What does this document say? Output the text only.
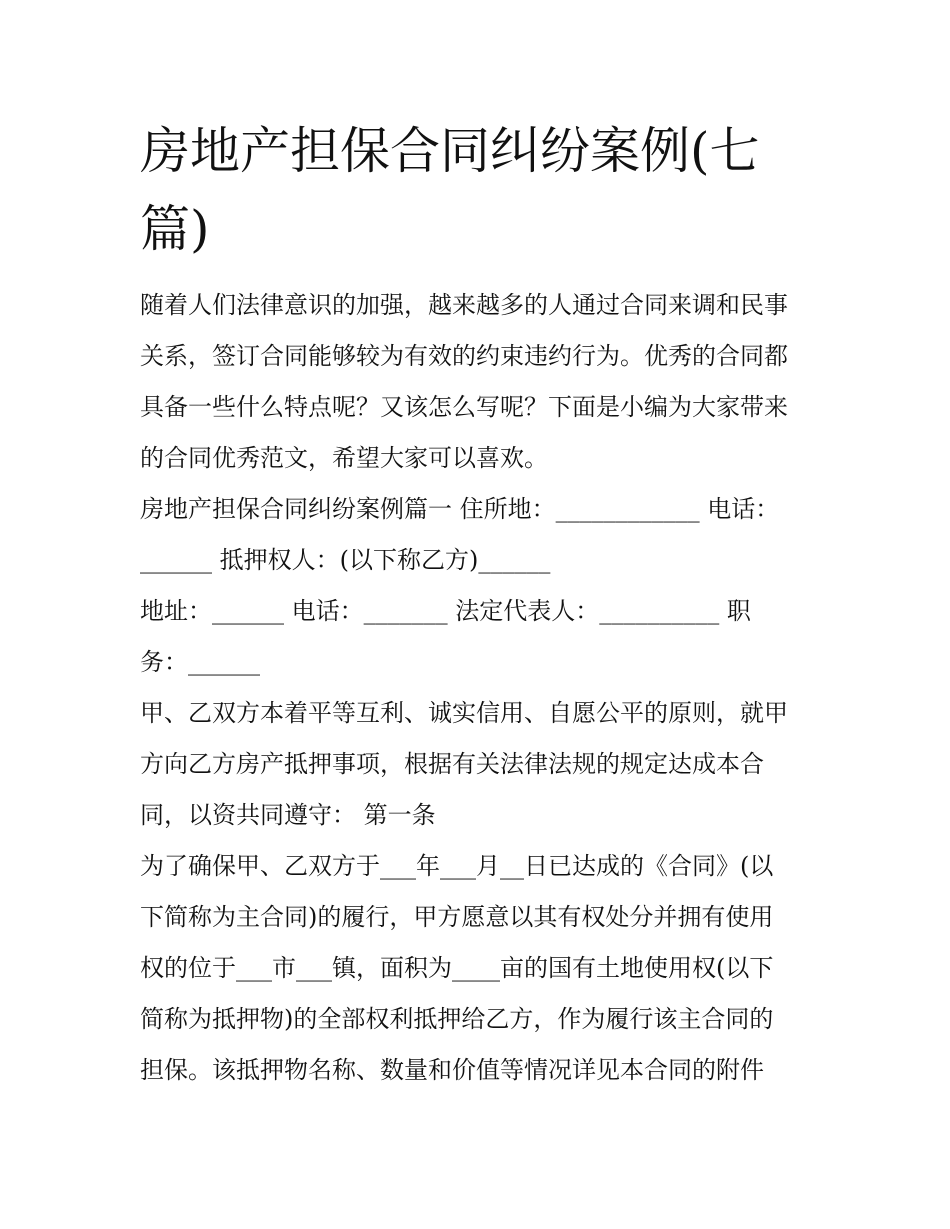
房地产担保合同纠纷案例(七篇)

随着人们法律意识的加强，越来越多的人通过合同来调和民事

关系，签订合同能够较为有效的约束违约行为。优秀的合同都

具备一些什么特点呢？又该怎么写呢？下面是小编为大家带来

的合同优秀范文，希望大家可以喜欢。

房地产担保合同纠纷案例篇一 住所地：____________ 电话：

______ 抵押权人：(以下称乙方)______

地址：______ 电话：_______ 法定代表人：__________ 职

务：______

甲、乙双方本着平等互利、诚实信用、自愿公平的原则，就甲

方向乙方房产抵押事项，根据有关法律法规的规定达成本合

同，以资共同遵守： 第一条

为了确保甲、乙双方于___年___月__日已达成的《合同》(以

下简称为主合同)的履行，甲方愿意以其有权处分并拥有使用

权的位于___市___镇，面积为____亩的国有土地使用权(以下

简称为抵押物)的全部权利抵押给乙方，作为履行该主合同的

担保。该抵押物名称、数量和价值等情况详见本合同的附件
